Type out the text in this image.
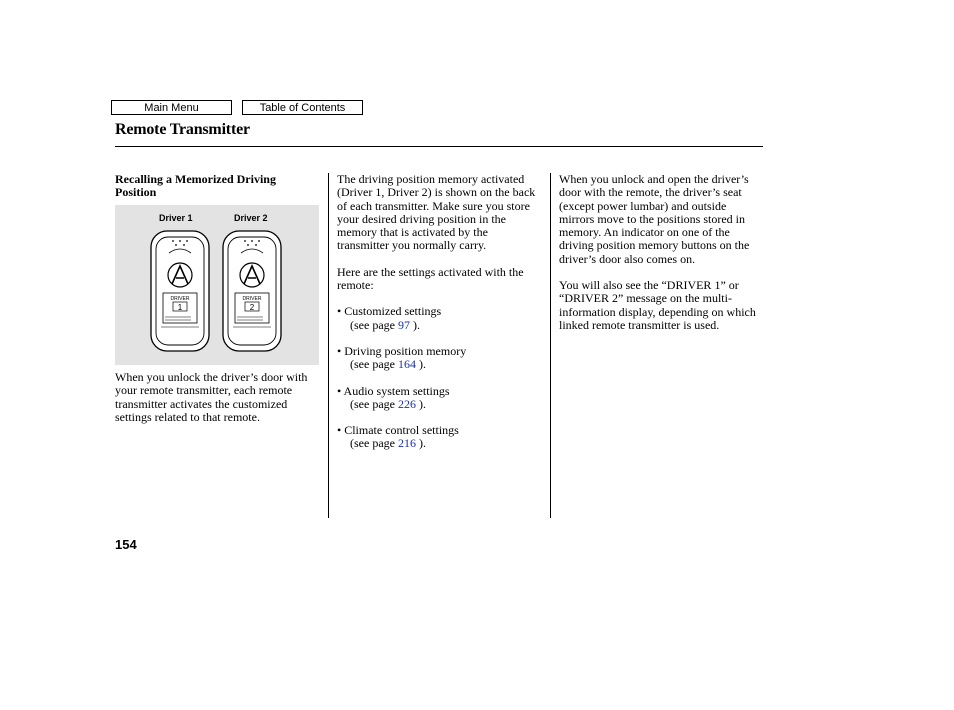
Main Menu	Table of Contents
Remote Transmitter

Recalling a Memorized Driving Position

Driver 1	Driver 2
DRIVER
1
DRIVER
2

When you unlock the driver’s door with your remote transmitter, each remote transmitter activates the customized settings related to that remote.

The driving position memory activated (Driver 1, Driver 2) is shown on the back of each transmitter. Make sure you store your desired driving position in the memory that is activated by the transmitter you normally carry.

Here are the settings activated with the remote:

• Customized settings
(see page 97 ).
• Driving position memory
(see page 164 ).
• Audio system settings
(see page 226 ).
• Climate control settings
(see page 216 ).

When you unlock and open the driver’s door with the remote, the driver’s seat (except power lumbar) and outside mirrors move to the positions stored in memory. An indicator on one of the driving position memory buttons on the driver’s door also comes on.

You will also see the “DRIVER 1” or “DRIVER 2” message on the multi-information display, depending on which linked remote transmitter is used.

154
